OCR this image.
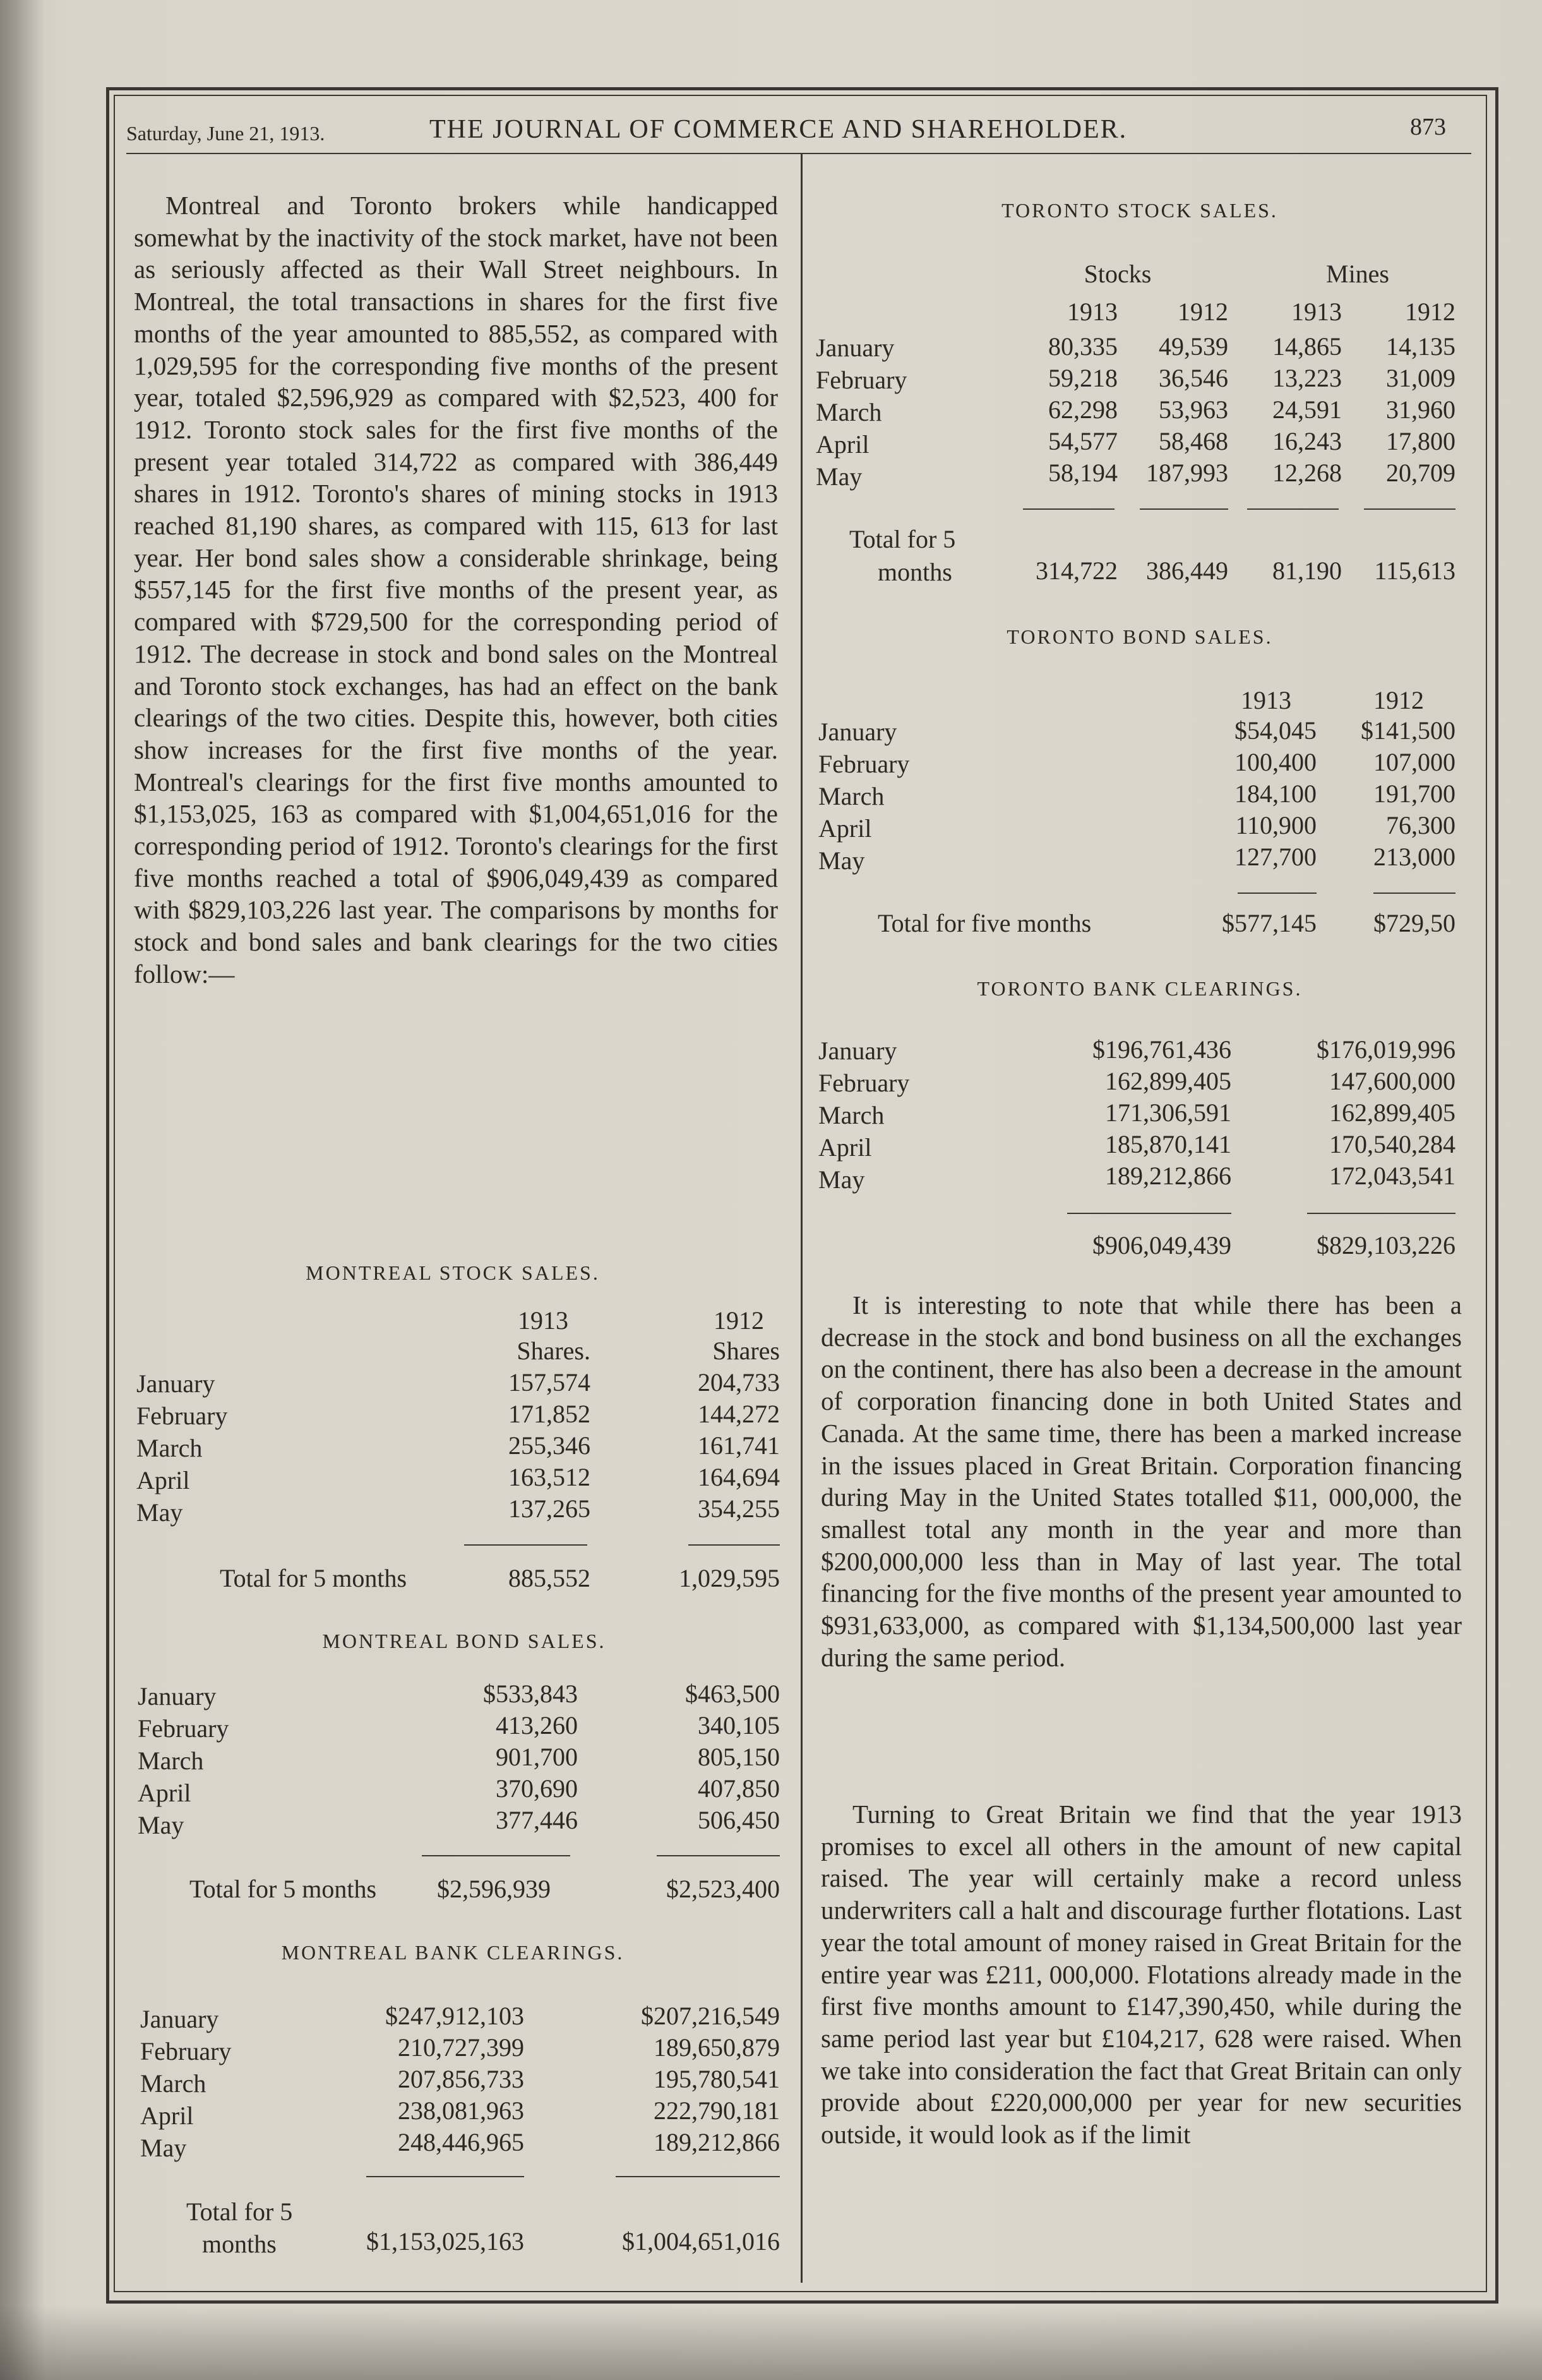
Saturday, June 21, 1913.	THE JOURNAL OF COMMERCE AND SHAREHOLDER.	873

Montreal and Toronto brokers while handicapped somewhat by the inactivity of the stock market, have not been as seriously affected as their Wall Street neighbours. In Montreal, the total transactions in shares for the first five months of the year amounted to 885,552, as compared with 1,029,595 for the corresponding five months of the present year, totaled $2,596,929 as compared with $2,523, 400 for 1912. Toronto stock sales for the first five months of the present year totaled 314,722 as compared with 386,449 shares in 1912. Toronto's shares of mining stocks in 1913 reached 81,190 shares, as compared with 115, 613 for last year. Her bond sales show a considerable shrinkage, being $557,145 for the first five months of the present year, as compared with $729,500 for the corresponding period of 1912. The decrease in stock and bond sales on the Montreal and Toronto stock exchanges, has had an effect on the bank clearings of the two cities. Despite this, however, both cities show increases for the first five months of the year. Montreal's clearings for the first five months amounted to $1,153,025, 163 as compared with $1,004,651,016 for the corresponding period of 1912. Toronto's clearings for the first five months reached a total of $906,049,439 as compared with $829,103,226 last year. The comparisons by months for stock and bond sales and bank clearings for the two cities follow:—

MONTREAL STOCK SALES.
1913	1912
Shares.	Shares
January	157,574	204,733
February	171,852	144,272
March	255,346	161,741
April	163,512	164,694
May	137,265	354,255
Total for 5 months	885,552	1,029,595
MONTREAL BOND SALES.
January	$533,843	$463,500
February	413,260	340,105
March	901,700	805,150
April	370,690	407,850
May	377,446	506,450
Total for 5 months $2,596,939	$2,523,400
MONTREAL BANK CLEARINGS.
January	$247,912,103	$207,216,549
February	210,727,399	189,650,879
March	207,856,733	195,780,541
April	238,081,963	222,790,181
May	248,446,965	189,212,866
Total for 5
months	$1,153,025,163	$1,004,651,016
TORONTO STOCK SALES.
Stocks	Mines
1913	1912	1913	1912
January	80,335	49,539	14,865	14,135
February	59,218	36,546	13,223	31,009
March	62,298	53,963	24,591	31,960
April	54,577	58,468	16,243	17,800
May	58,194	187,993	12,268	20,709
Total for 5
months	314,722	386,449	81,190	115,613
TORONTO BOND SALES.
1913	1912
January	$54,045	$141,500
February	100,400	107,000
March	184,100	191,700
April	110,900	76,300
May	127,700	213,000
Total for five months	$577,145	$729,50
TORONTO BANK CLEARINGS.
January	$196,761,436	$176,019,996
February	162,899,405	147,600,000
March	171,306,591	162,899,405
April	185,870,141	170,540,284
May	189,212,866	172,043,541
$906,049,439	$829,103,226

It is interesting to note that while there has been a decrease in the stock and bond business on all the exchanges on the continent, there has also been a decrease in the amount of corporation financing done in both United States and Canada. At the same time, there has been a marked increase in the issues placed in Great Britain. Corporation financing during May in the United States totalled $11, 000,000, the smallest total any month in the year and more than $200,000,000 less than in May of last year. The total financing for the five months of the present year amounted to $931,633,000, as compared with $1,134,500,000 last year during the same period.

Turning to Great Britain we find that the year 1913 promises to excel all others in the amount of new capital raised. The year will certainly make a record unless underwriters call a halt and discourage further flotations. Last year the total amount of money raised in Great Britain for the entire year was £211, 000,000. Flotations already made in the first five months amount to £147,390,450, while during the same period last year but £104,217, 628 were raised. When we take into consideration the fact that Great Britain can only provide about £220,000,000 per year for new securities outside, it would look as if the limit
